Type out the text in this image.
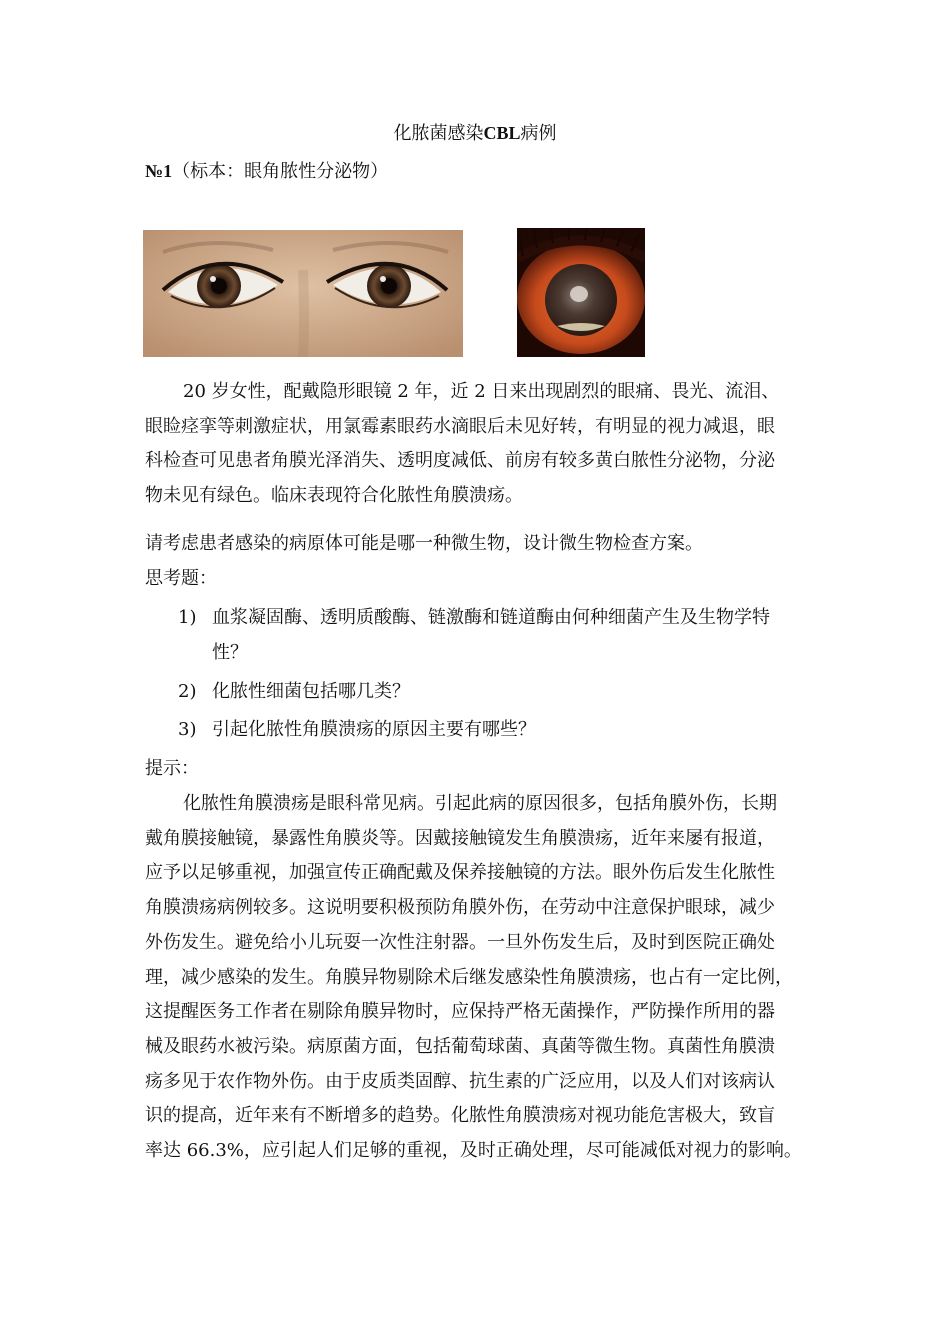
化脓菌感染CBL病例
№1（标本：眼角脓性分泌物）
20 岁女性，配戴隐形眼镜 2 年，近 2 日来出现剧烈的眼痛、畏光、流泪、
眼睑痉挛等刺激症状，用氯霉素眼药水滴眼后未见好转，有明显的视力减退，眼
科检查可见患者角膜光泽消失、透明度减低、前房有较多黄白脓性分泌物，分泌
物未见有绿色。临床表现符合化脓性角膜溃疡。
请考虑患者感染的病原体可能是哪一种微生物，设计微生物检查方案。
思考题：
1) 血浆凝固酶、透明质酸酶、链激酶和链道酶由何种细菌产生及生物学特
性？
2) 化脓性细菌包括哪几类？
3) 引起化脓性角膜溃疡的原因主要有哪些？
提示：
化脓性角膜溃疡是眼科常见病。引起此病的原因很多，包括角膜外伤，长期
戴角膜接触镜，暴露性角膜炎等。因戴接触镜发生角膜溃疡，近年来屡有报道，
应予以足够重视，加强宣传正确配戴及保养接触镜的方法。眼外伤后发生化脓性
角膜溃疡病例较多。这说明要积极预防角膜外伤，在劳动中注意保护眼球，减少
外伤发生。避免给小儿玩耍一次性注射器。一旦外伤发生后，及时到医院正确处
理，减少感染的发生。角膜异物剔除术后继发感染性角膜溃疡，也占有一定比例，
这提醒医务工作者在剔除角膜异物时，应保持严格无菌操作，严防操作所用的器
械及眼药水被污染。病原菌方面，包括葡萄球菌、真菌等微生物。真菌性角膜溃
疡多见于农作物外伤。由于皮质类固醇、抗生素的广泛应用，以及人们对该病认
识的提高，近年来有不断增多的趋势。化脓性角膜溃疡对视功能危害极大，致盲
率达 66.3%，应引起人们足够的重视，及时正确处理，尽可能减低对视力的影响。
